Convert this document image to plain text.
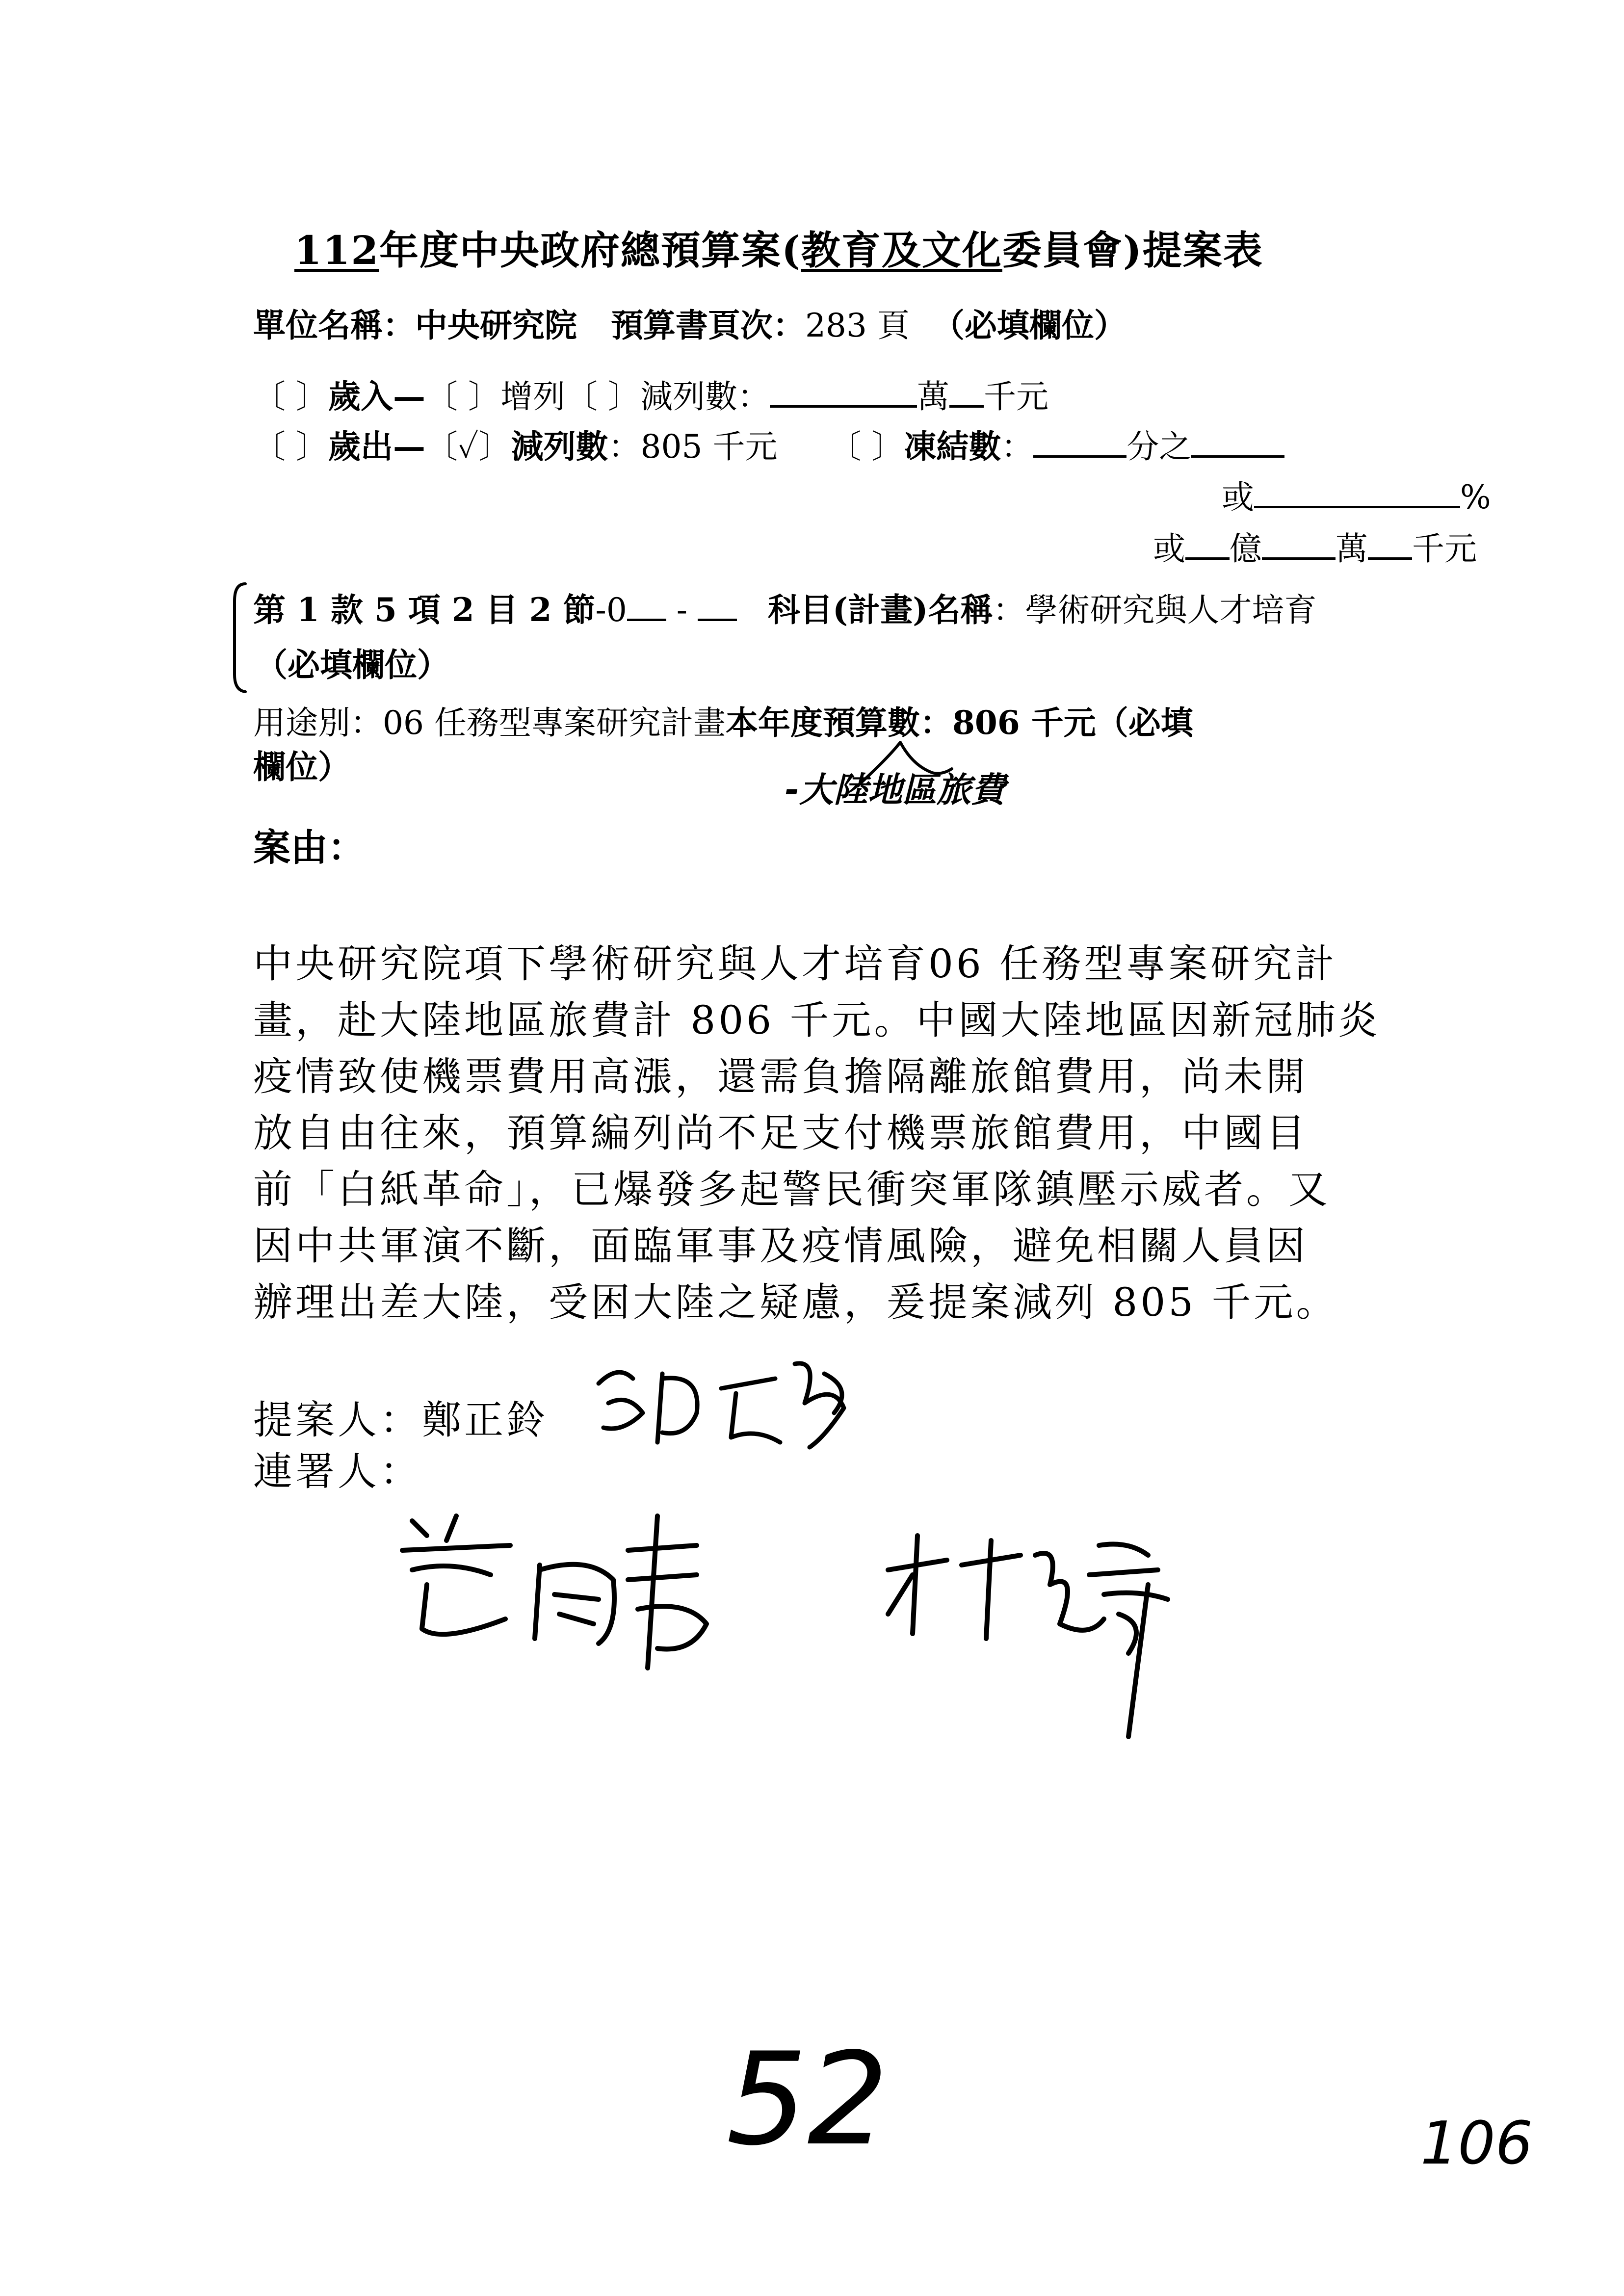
112年度中央政府總預算案(教育及文化委員會)提案表
單位名稱：中央研究院 預算書頁次：283 頁 （必填欄位）
〔 〕歲入—〔 〕增列〔 〕減列數：	萬 千元
〔 〕歲出—〔✓〕減列數：805 千元 〔 〕凍結數：	分之
或	%
或 億 萬 千元
第 1 款 5 項 2 目 2 節-0 - 科目(計畫)名稱：學術研究與人才培育
（必填欄位）
用途別：06 任務型專案研究計畫本年度預算數：806 千元（必填
欄位）
-大陸地區旅費
案由：
中央研究院項下學術研究與人才培育06 任務型專案研究計
畫，赴大陸地區旅費計 806 千元。中國大陸地區因新冠肺炎
疫情致使機票費用高漲，還需負擔隔離旅館費用，尚未開
放自由往來，預算編列尚不足支付機票旅館費用，中國目
前「白紙革命」，已爆發多起警民衝突軍隊鎮壓示威者。又
因中共軍演不斷，面臨軍事及疫情風險，避免相關人員因
辦理出差大陸，受困大陸之疑慮，爰提案減列 805 千元。
提案人：鄭正鈴
連署人：
52	106
